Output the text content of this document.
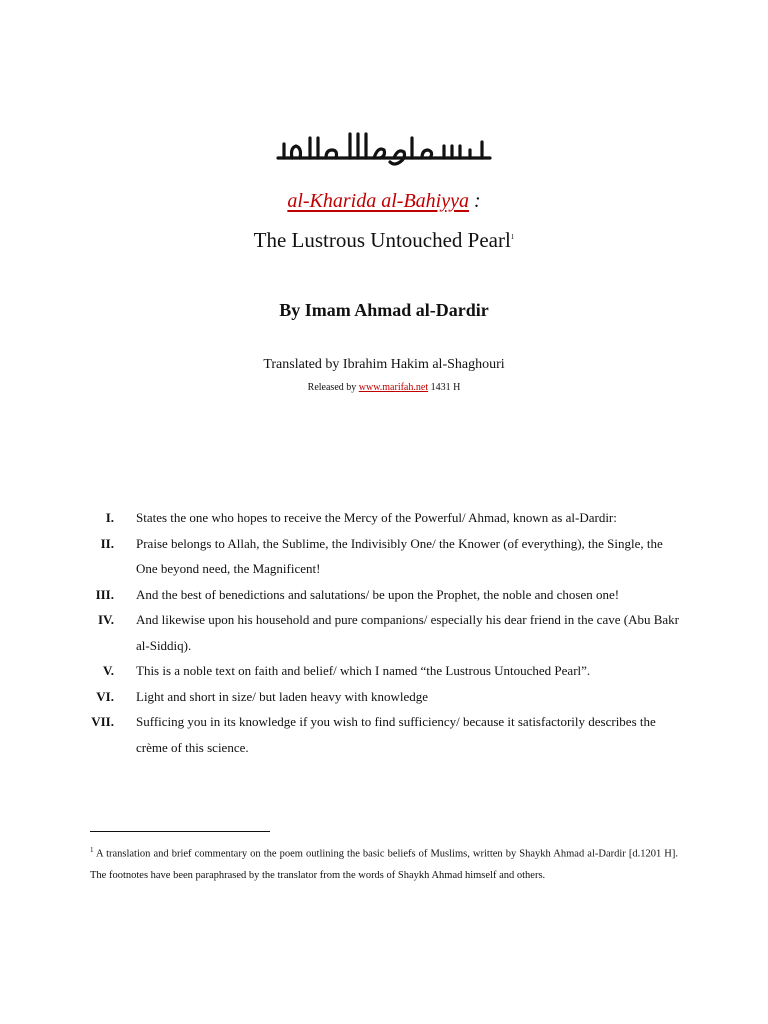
al-Kharida al-Bahiyya :
The Lustrous Untouched Pearl$^1$
By Imam Ahmad al-Dardir
Translated by Ibrahim Hakim al-Shaghouri
Released by www.marifah.net 1431 H
I. States the one who hopes to receive the Mercy of the Powerful/ Ahmad, known as al-Dardir:
II. Praise belongs to Allah, the Sublime, the Indivisibly One/ the Knower (of everything), the Single, the One beyond need, the Magnificent!
III. And the best of benedictions and salutations/ be upon the Prophet, the noble and chosen one!
IV. And likewise upon his household and pure companions/ especially his dear friend in the cave (Abu Bakr al-Siddiq).
V. This is a noble text on faith and belief/ which I named “the Lustrous Untouched Pearl”.
VI. Light and short in size/ but laden heavy with knowledge
VII. Sufficing you in its knowledge if you wish to find sufficiency/ because it satisfactorily describes the crème of this science.
$^1$ A translation and brief commentary on the poem outlining the basic beliefs of Muslims, written by Shaykh Ahmad al-Dardir [d.1201 H]. The footnotes have been paraphrased by the translator from the words of Shaykh Ahmad himself and others.
